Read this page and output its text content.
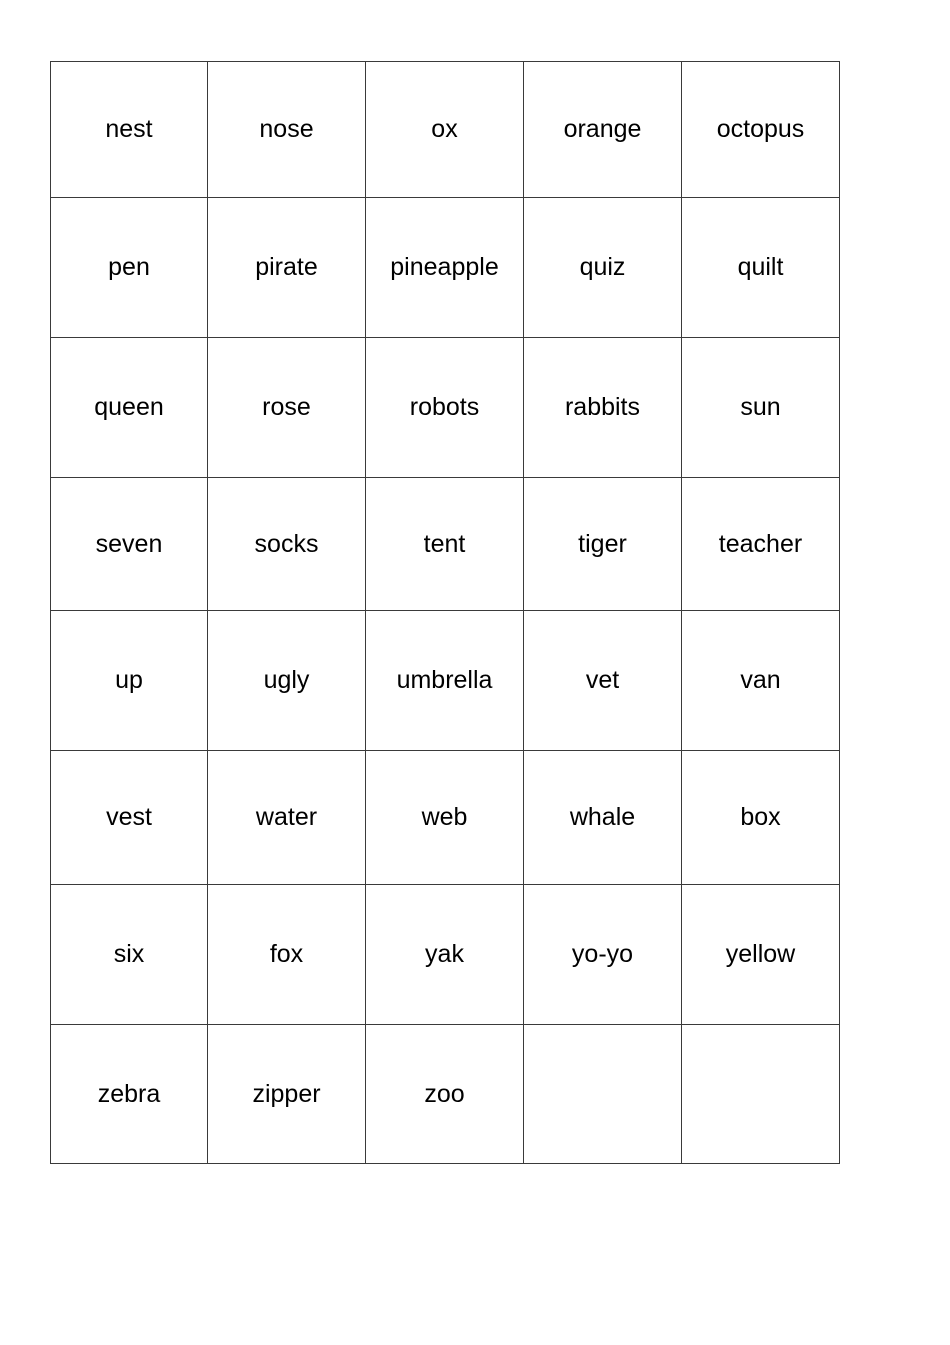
nest	nose	ox	orange	octopus
pen	pirate	pineapple	quiz	quilt
queen	rose	robots	rabbits	sun
seven	socks	tent	tiger	teacher
up	ugly	umbrella	vet	van
vest	water	web	whale	box
six	fox	yak	yo-yo	yellow
zebra	zipper	zoo		
